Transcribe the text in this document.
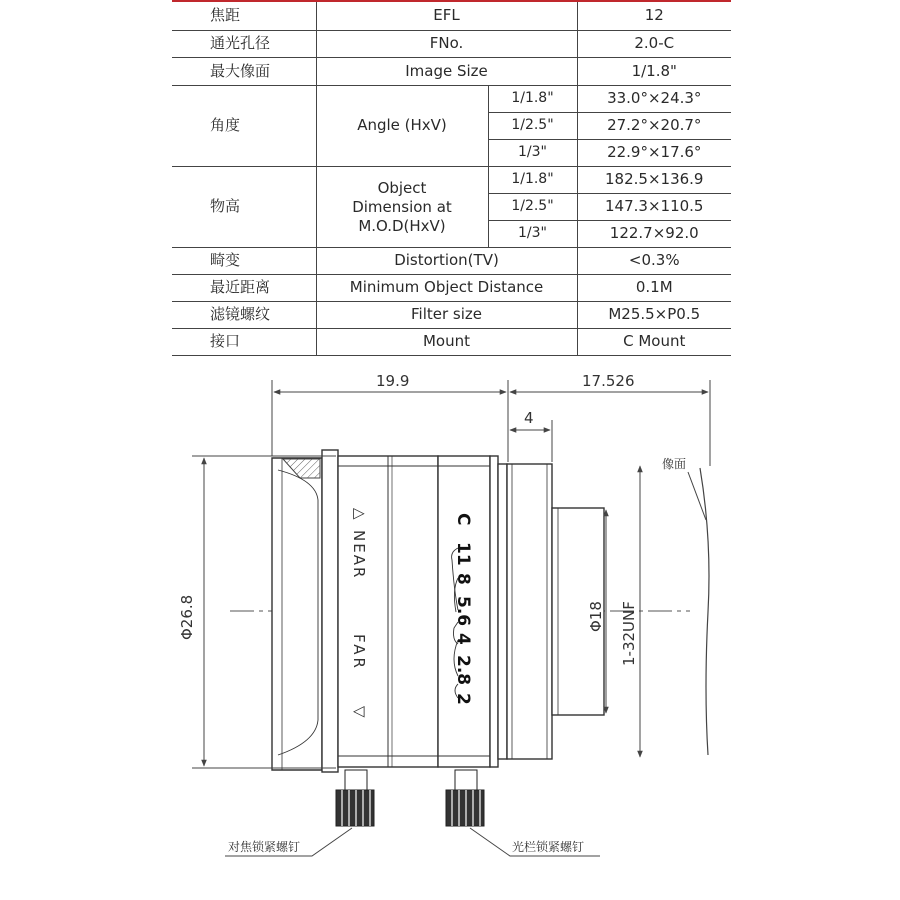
焦距	EFL		12
通光孔径	FNo.		2.0-C
最大像面	Image Size		1/1.8"
角度	Angle (HxV)	1/1.8"	33.0°×24.3°
		1/2.5"	27.2°×20.7°
		1/3"	22.9°×17.6°
物高	Object
Dimension at
M.O.D(HxV)	1/1.8"	182.5×136.9
		1/2.5"	147.3×110.5
		1/3"	122.7×92.0
畸变	Distortion(TV)		<0.3%
最近距离	Minimum Object Distance		0.1M
滤镜螺纹	Filter size		M25.5×P0.5
接口	Mount		C Mount
对焦锁紧螺钉	光栏锁紧螺钉
像面
19.9	17.526
4
Φ26.8	Φ18 1-32UNF
△
NEAR
FAR
▽
C
11
8
5.6
4
2.8
2
